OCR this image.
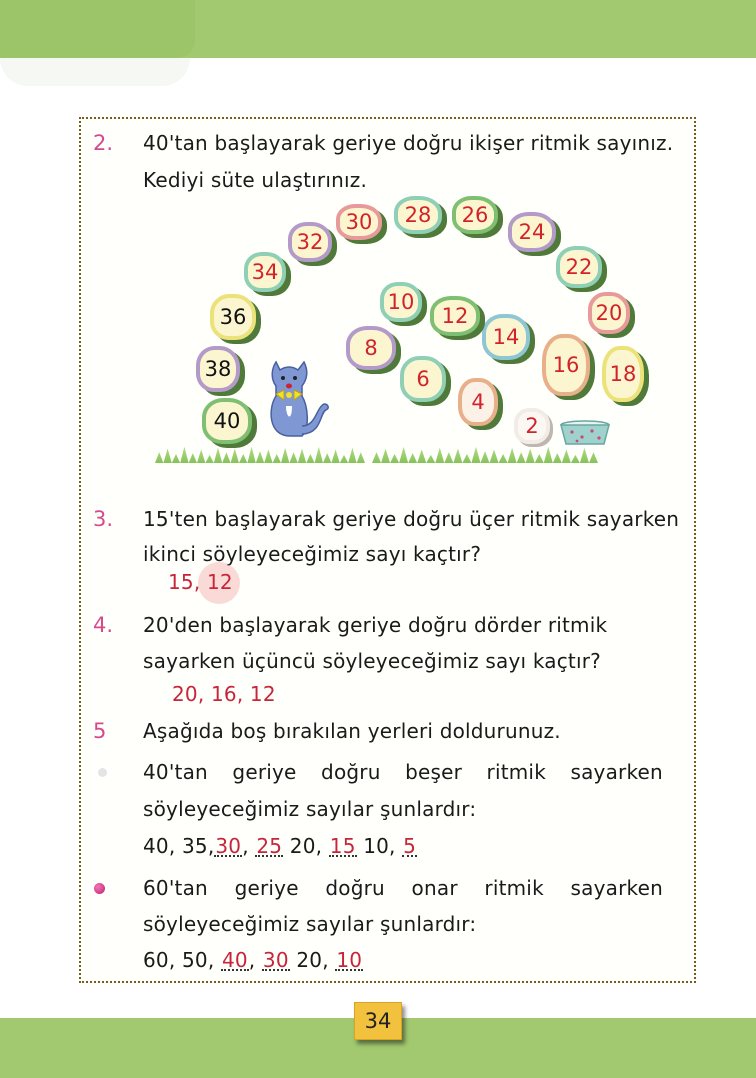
2. 40'tan başlayarak geriye doğru ikişer ritmik sayınız.
Kediyi süte ulaştırınız.
40
38
36
34
32
30	28	26
24
22
20
18
16
14
12
10
8
6
4
2
3. 15'ten başlayarak geriye doğru üçer ritmik sayarken
ikinci söyleyeceğimiz sayı kaçtır?
15, 12
4. 20'den başlayarak geriye doğru dörder ritmik
sayarken üçüncü söyleyeceğimiz sayı kaçtır?
20, 16, 12
5 Aşağıda boş bırakılan yerleri doldurunuz.
40'tan geriye doğru beşer ritmik sayarken
söyleyeceğimiz sayılar şunlardır:
40, 35,30, 25 20, 15 10, 5
60'tan geriye doğru onar ritmik sayarken
söyleyeceğimiz sayılar şunlardır:
60, 50, 40, 30 20, 10
34
